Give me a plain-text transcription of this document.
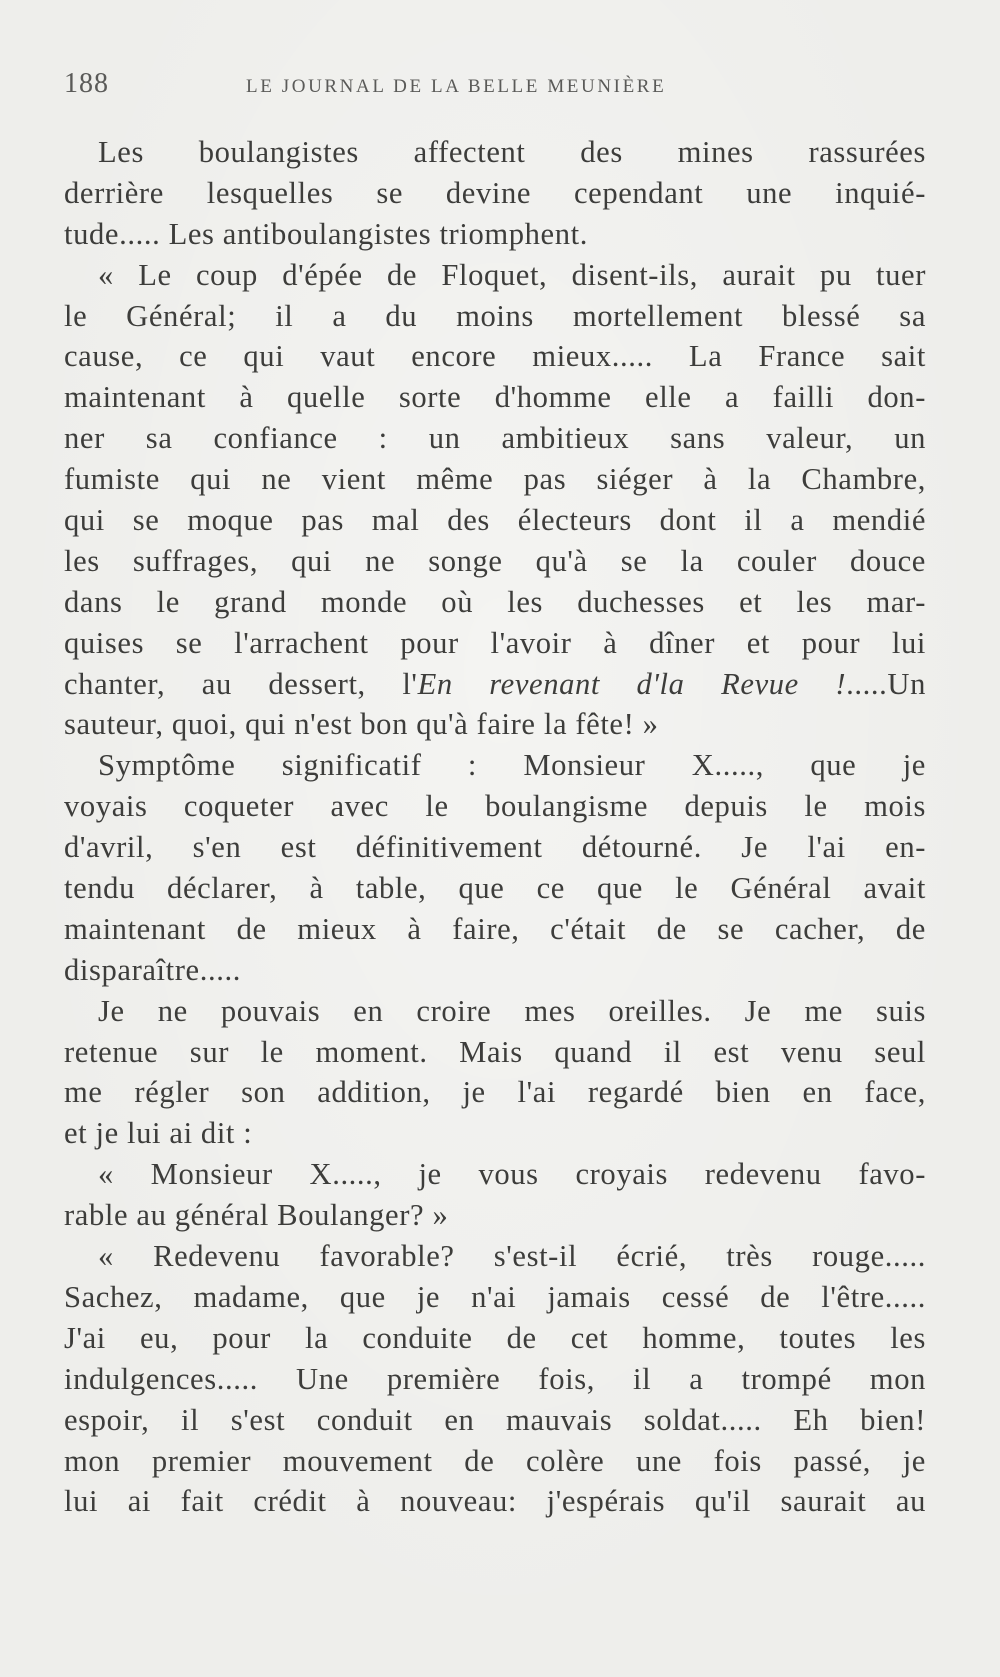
188	LE JOURNAL DE LA BELLE MEUNIÈRE
Les boulangistes affectent des mines rassurées
derrière lesquelles se devine cependant une inquié-
tude..... Les antiboulangistes triomphent.
« Le coup d'épée de Floquet, disent-ils, aurait pu tuer
le Général; il a du moins mortellement blessé sa
cause, ce qui vaut encore mieux..... La France sait
maintenant à quelle sorte d'homme elle a failli don-
ner sa confiance : un ambitieux sans valeur, un
fumiste qui ne vient même pas siéger à la Chambre,
qui se moque pas mal des électeurs dont il a mendié
les suffrages, qui ne songe qu'à se la couler douce
dans le grand monde où les duchesses et les mar-
quises se l'arrachent pour l'avoir à dîner et pour lui
chanter, au dessert, l'En revenant d'la Revue !.....Un
sauteur, quoi, qui n'est bon qu'à faire la fête! »
Symptôme significatif : Monsieur X....., que je
voyais coqueter avec le boulangisme depuis le mois
d'avril, s'en est définitivement détourné. Je l'ai en-
tendu déclarer, à table, que ce que le Général avait
maintenant de mieux à faire, c'était de se cacher, de
disparaître.....
Je ne pouvais en croire mes oreilles. Je me suis
retenue sur le moment. Mais quand il est venu seul
me régler son addition, je l'ai regardé bien en face,
et je lui ai dit :
« Monsieur X....., je vous croyais redevenu favo-
rable au général Boulanger? »
« Redevenu favorable? s'est-il écrié, très rouge.....
Sachez, madame, que je n'ai jamais cessé de l'être.....
J'ai eu, pour la conduite de cet homme, toutes les
indulgences..... Une première fois, il a trompé mon
espoir, il s'est conduit en mauvais soldat..... Eh bien!
mon premier mouvement de colère une fois passé, je
lui ai fait crédit à nouveau: j'espérais qu'il saurait au
